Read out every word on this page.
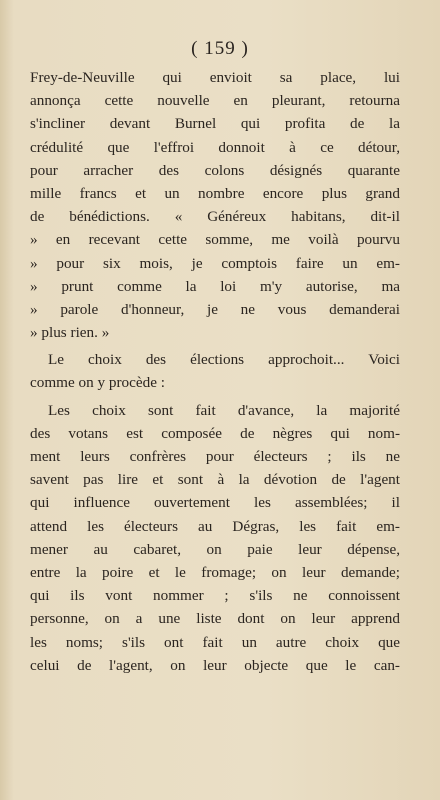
( 159 )
Frey-de-Neuville qui envioit sa place, lui
annonça cette nouvelle en pleurant, retourna
s'incliner devant Burnel qui profita de la
crédulité que l'effroi donnoit à ce détour,
pour arracher des colons désignés quarante
mille francs et un nombre encore plus grand
de bénédictions. « Généreux habitans, dit-il
» en recevant cette somme, me voilà pourvu
» pour six mois, je comptois faire un em-
» prunt comme la loi m'y autorise, ma
» parole d'honneur, je ne vous demanderai
» plus rien. »
Le choix des élections approchoit... Voici
comme on y procède :
Les choix sont fait d'avance, la majorité
des votans est composée de nègres qui nom-
ment leurs confrères pour électeurs ; ils ne
savent pas lire et sont à la dévotion de l'agent
qui influence ouvertement les assemblées; il
attend les électeurs au Dégras, les fait em-
mener au cabaret, on paie leur dépense,
entre la poire et le fromage; on leur demande;
qui ils vont nommer ; s'ils ne connoissent
personne, on a une liste dont on leur apprend
les noms; s'ils ont fait un autre choix que
celui de l'agent, on leur objecte que le can-
